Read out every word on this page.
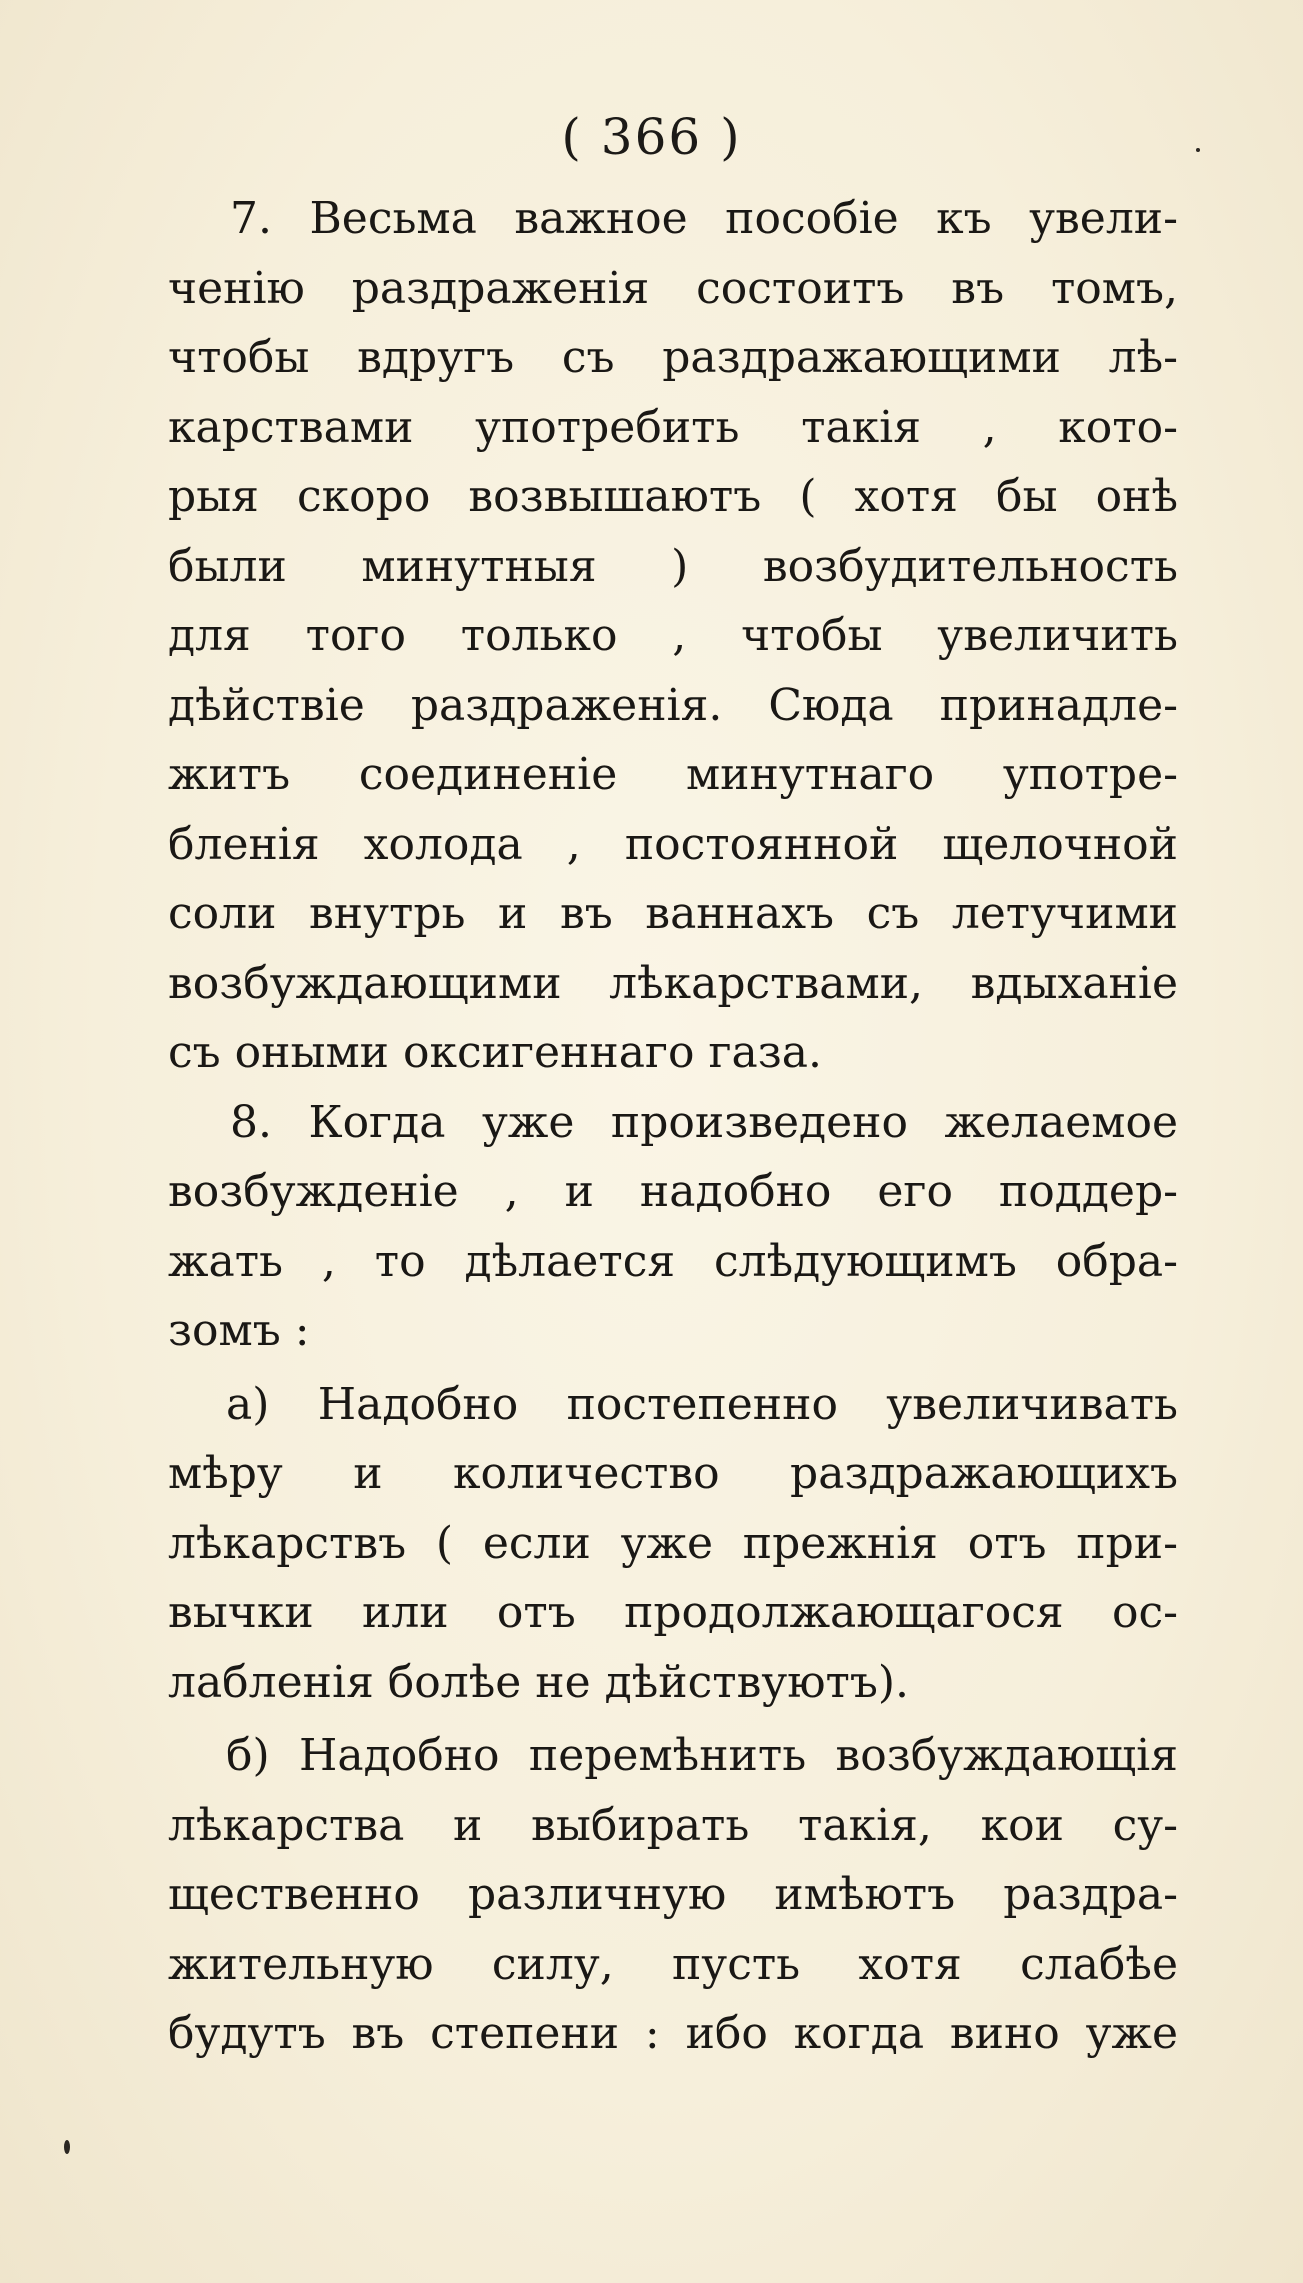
( 366 )
7. Весьма важное пособіе къ увели-
ченію раздраженія состоитъ въ томъ,
чтобы вдругъ съ раздражающими лѣ-
карствами употребить такія , кото-
рыя скоро возвышаютъ ( хотя бы онѣ
были минутныя ) возбудительность
для того только , чтобы увеличить
дѣйствіе раздраженія. Сюда принадле-
житъ соединеніе минутнаго употре-
бленія холода , постоянной щелочной
соли внутрь и въ ваннахъ съ летучими
возбуждающими лѣкарствами, вдыханіе
съ оными оксигеннаго газа.
8. Когда уже произведено желаемое
возбужденіе , и надобно его поддер-
жать , то дѣлается слѣдующимъ обра-
зомъ :
а) Надобно постепенно увеличивать
мѣру и количество раздражающихъ
лѣкарствъ ( если уже прежнія отъ при-
вычки или отъ продолжающагося ос-
лабленія болѣе не дѣйствуютъ).
б) Надобно перемѣнить возбуждающія
лѣкарства и выбирать такія, кои су-
щественно различную имѣютъ раздра-
жительную силу, пусть хотя слабѣе
будутъ въ степени : ибо когда вино уже
